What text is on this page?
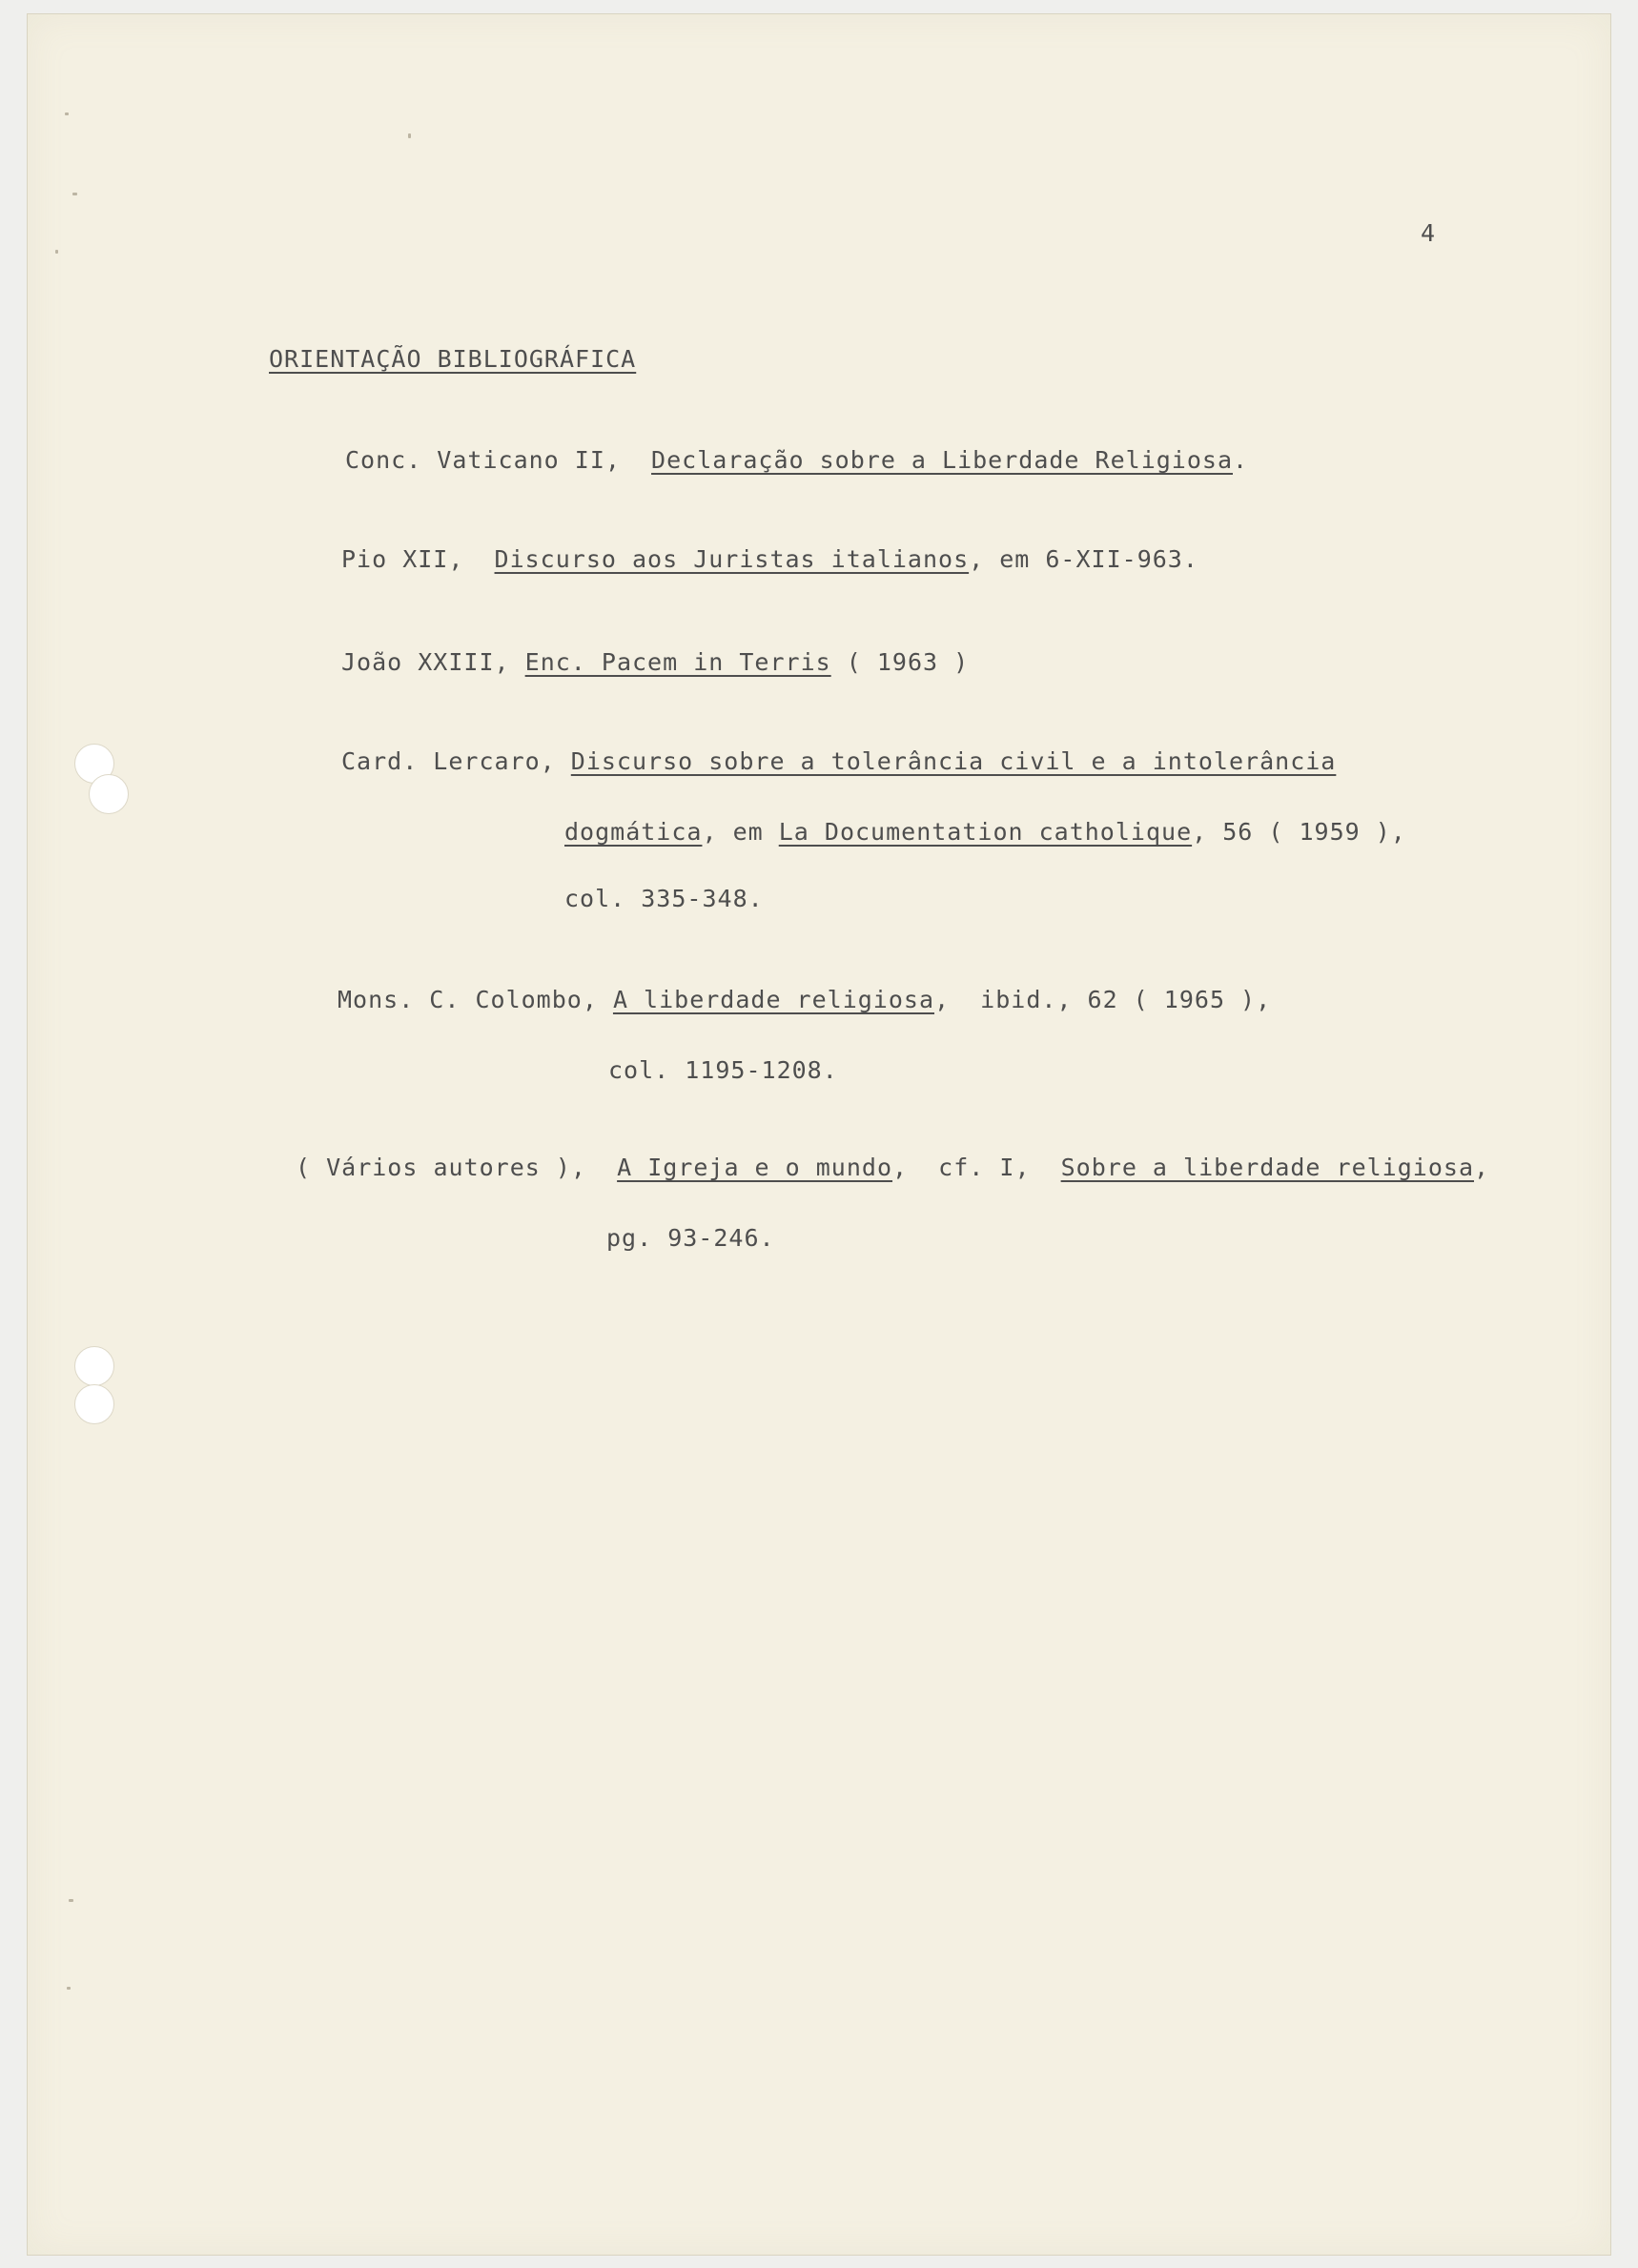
4
ORIENTAÇÃO BIBLIOGRÁFICA
Conc. Vaticano II, Declaração sobre a Liberdade Religiosa.
Pio XII, Discurso aos Juristas italianos, em 6-XII-963.
João XXIII, Enc. Pacem in Terris ( 1963 )
Card. Lercaro, Discurso sobre a tolerância civil e a intolerância
dogmática, em La Documentation catholique, 56 ( 1959 ),
col. 335-348.
Mons. C. Colombo, A liberdade religiosa,  ibid., 62 ( 1965 ),
col. 1195-1208.
( Vários autores ), A Igreja e o mundo,  cf. I, Sobre a liberdade religiosa,
pg. 93-246.
